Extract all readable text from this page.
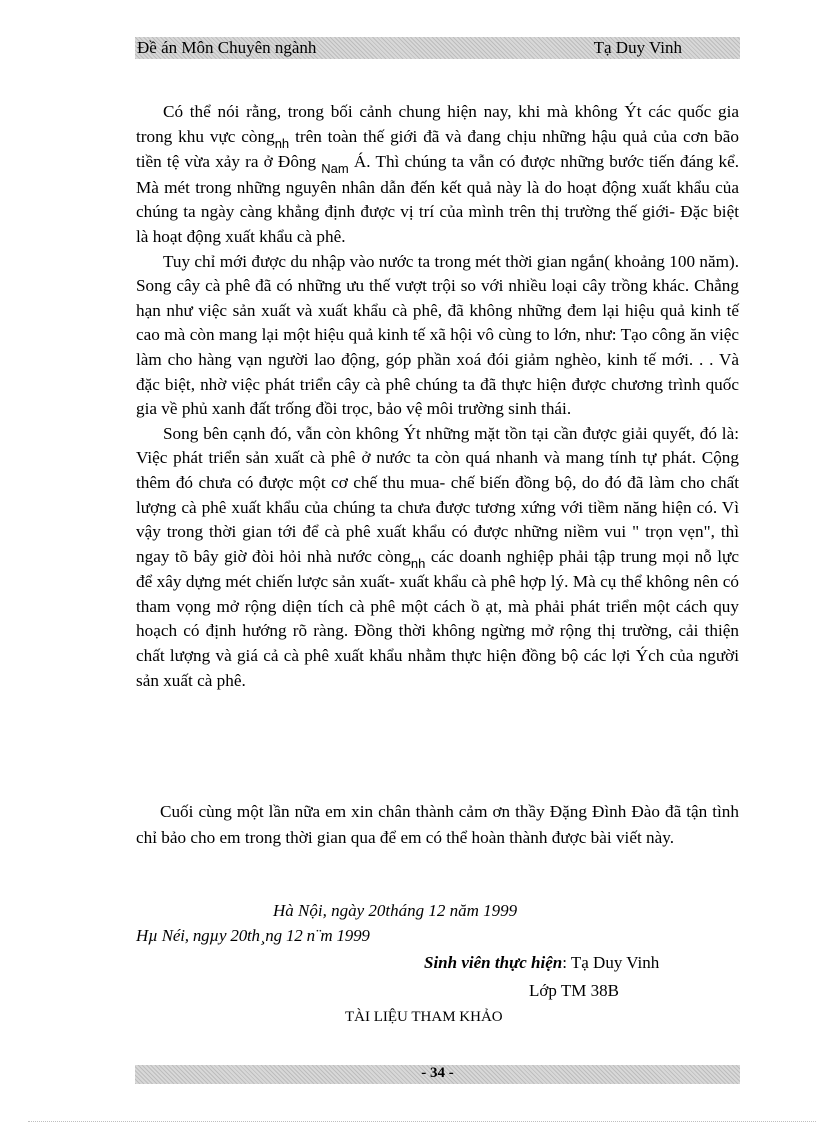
Đề án Môn Chuyên ngành	Tạ Duy Vinh

Có thể nói rằng, trong bối cảnh chung hiện nay, khi mà không Ýt các quốc gia trong khu vực còng$_{nh}$ trên toàn thế giới đã và đang chịu những hậu quả của cơn bão tiền tệ vừa xảy ra ở Đông $_{Nam}$ Á. Thì chúng ta vẫn có được những bước tiến đáng kể. Mà mét trong những nguyên nhân dẫn đến kết quả này là do hoạt động xuất khẩu của chúng ta ngày càng khẳng định được vị trí của mình trên thị trường thế giới- Đặc biệt là hoạt động xuất khẩu cà phê.

Tuy chỉ mới được du nhập vào nước ta trong mét thời gian ngắn( khoảng 100 năm). Song cây cà phê đã có những ưu thế vượt trội so với nhiều loại cây trồng khác. Chẳng hạn như việc sản xuất và xuất khẩu cà phê, đã không những đem lại hiệu quả kinh tế cao mà còn mang lại một hiệu quả kinh tế xã hội vô cùng to lớn, như: Tạo công ăn việc làm cho hàng vạn người lao động, góp phần xoá đói giảm nghèo, kinh tế mới. . . Và đặc biệt, nhờ việc phát triển cây cà phê chúng ta đã thực hiện được chương trình quốc gia về phủ xanh đất trống đồi trọc, bảo vệ môi trường sinh thái.

Song bên cạnh đó, vẫn còn không Ýt những mặt tồn tại cần được giải quyết, đó là: Việc phát triển sản xuất cà phê ở nước ta còn quá nhanh và mang tính tự phát. Cộng thêm đó chưa có được một cơ chế thu mua- chế biến đồng bộ, do đó đã làm cho chất lượng cà phê xuất khẩu của chúng ta chưa được tương xứng với tiềm năng hiện có. Vì vậy trong thời gian tới để cà phê xuất khẩu có được những niềm vui " trọn vẹn", thì ngay tõ bây giờ đòi hỏi nhà nước còng$_{nh}$ các doanh nghiệp phải tập trung mọi nỗ lực để xây dựng mét chiến lược sản xuất- xuất khẩu cà phê hợp lý. Mà cụ thể không nên có tham vọng mở rộng diện tích cà phê một cách ồ ạt, mà phải phát triển một cách quy hoạch có định hướng rõ ràng. Đồng thời không ngừng mở rộng thị trường, cải thiện chất lượng và giá cả cà phê xuất khẩu nhằm thực hiện đồng bộ các lợi Ých của người sản xuất cà phê.

Cuối cùng một lần nữa em xin chân thành cảm ơn thầy Đặng Đình Đào đã tận tình chỉ bảo cho em trong thời gian qua để em có thể hoàn thành được bài viết này.

Hà Nội, ngày 20tháng 12 năm 1999
Hµ Néi, ngµy 20th¸ng 12 n¨m 1999
Sinh viên thực hiện: Tạ Duy Vinh
Lớp TM 38B
TÀI LIỆU THAM KHẢO
- 34 -
